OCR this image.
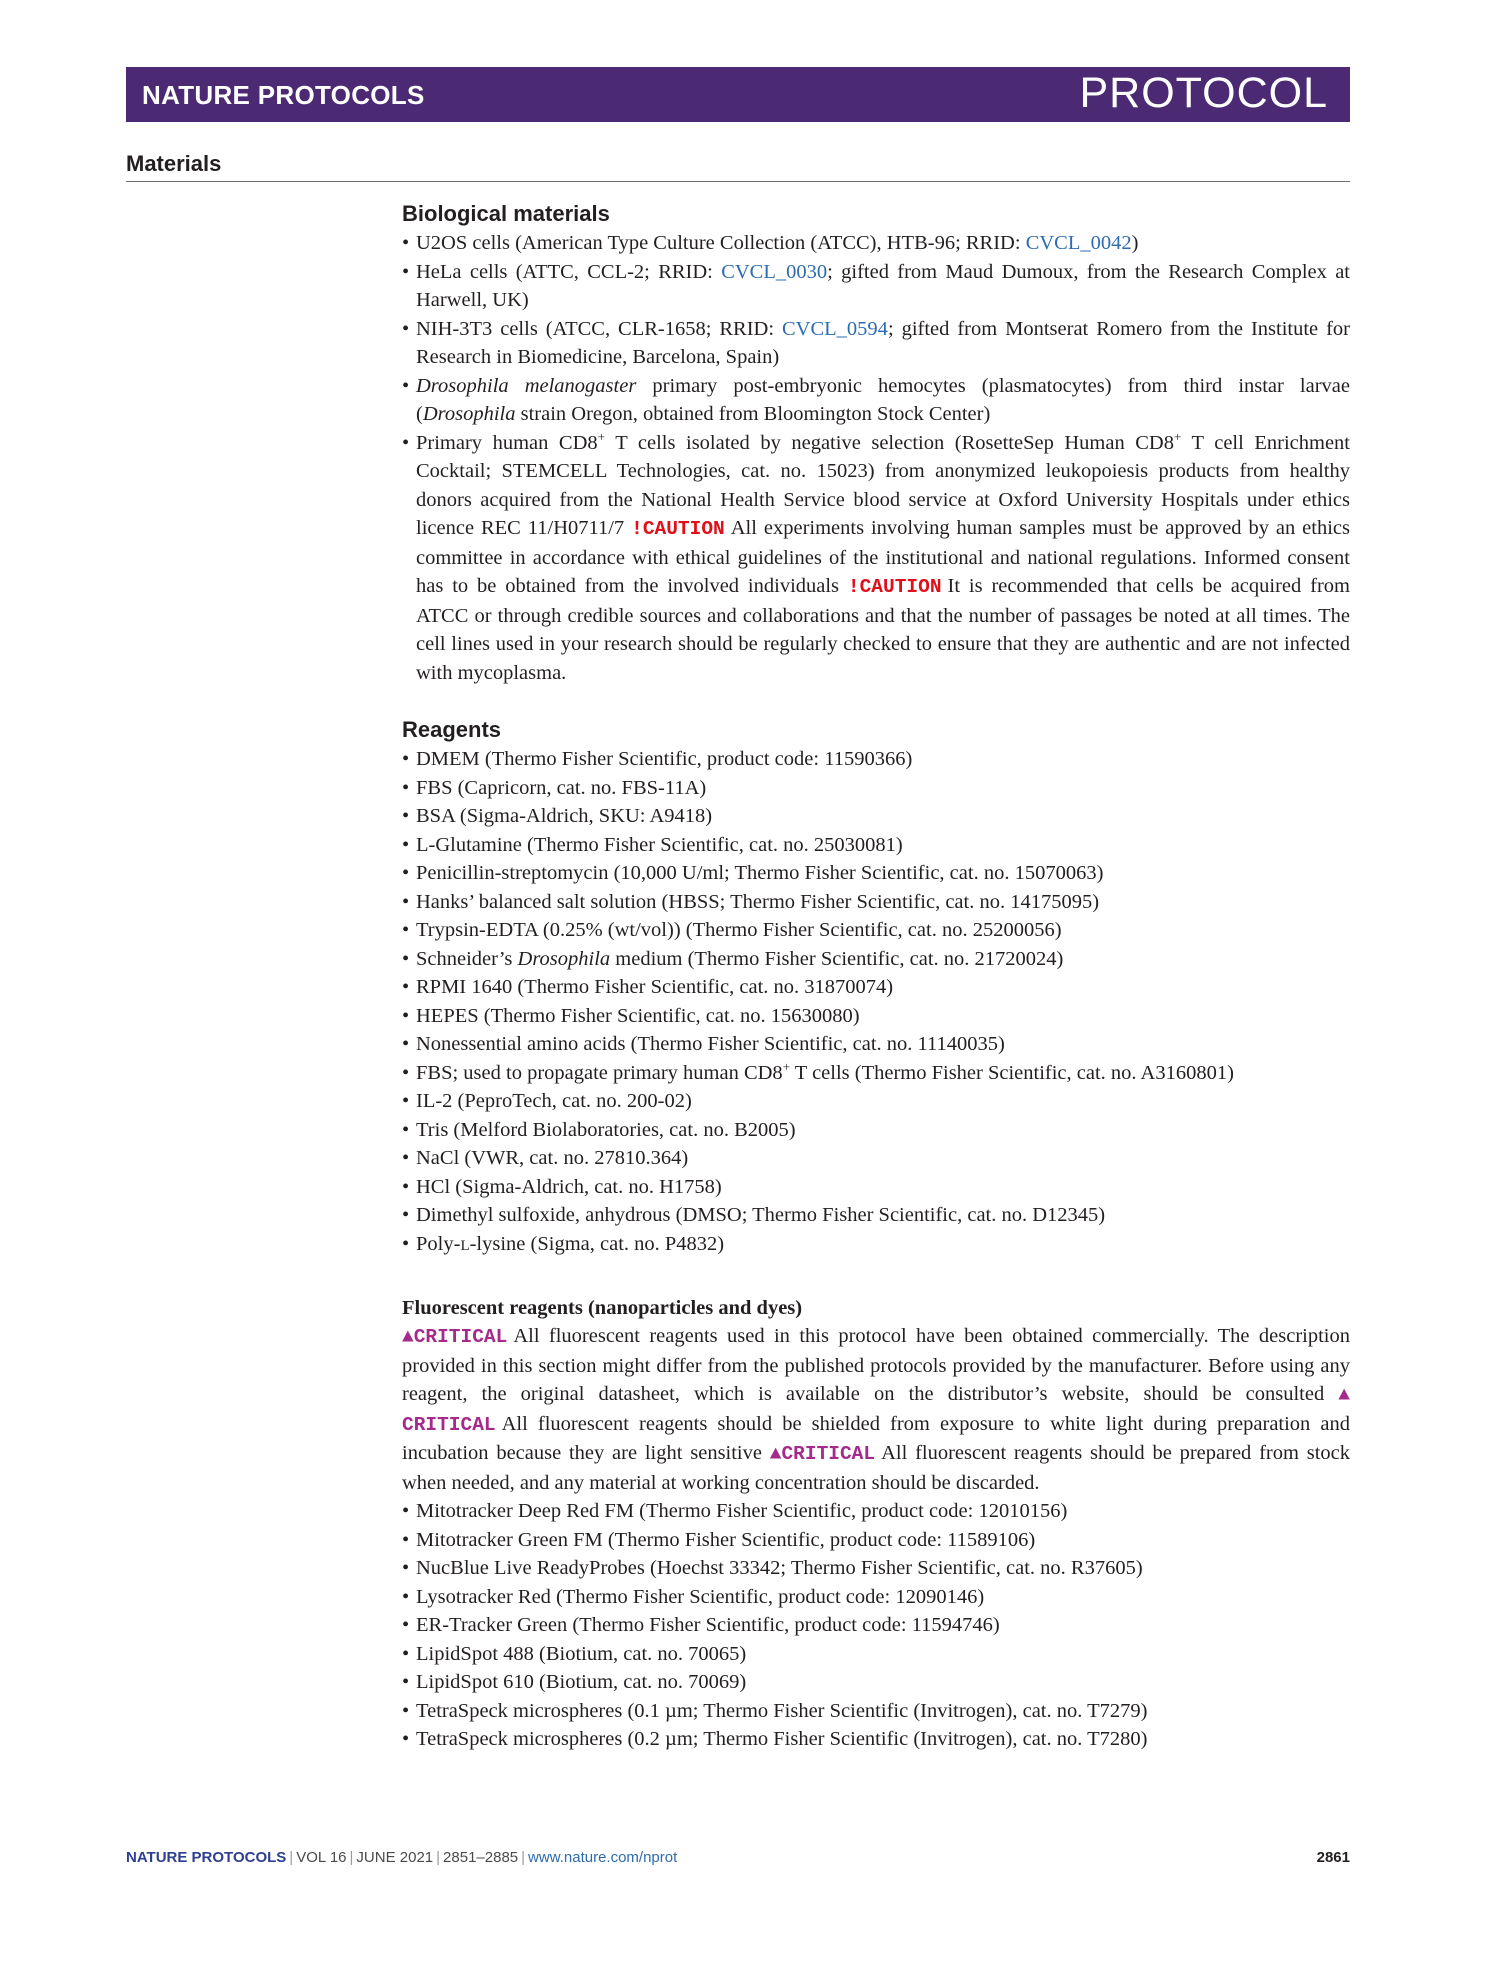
NATURE PROTOCOLS	PROTOCOL
Materials
Biological materials
• U2OS cells (American Type Culture Collection (ATCC), HTB-96; RRID: CVCL_0042)
• HeLa cells (ATTC, CCL-2; RRID: CVCL_0030; gifted from Maud Dumoux, from the Research Complex at Harwell, UK)
• NIH-3T3 cells (ATCC, CLR-1658; RRID: CVCL_0594; gifted from Montserat Romero from the Institute for Research in Biomedicine, Barcelona, Spain)
• Drosophila melanogaster primary post-embryonic hemocytes (plasmatocytes) from third instar larvae (Drosophila strain Oregon, obtained from Bloomington Stock Center)
• Primary human CD8+ T cells isolated by negative selection (RosetteSep Human CD8+ T cell Enrichment Cocktail; STEMCELL Technologies, cat. no. 15023) from anonymized leukopoiesis products from healthy donors acquired from the National Health Service blood service at Oxford University Hospitals under ethics licence REC 11/H0711/7 !CAUTION All experiments involving human samples must be approved by an ethics committee in accordance with ethical guidelines of the institutional and national regulations. Informed consent has to be obtained from the involved individuals !CAUTION It is recommended that cells be acquired from ATCC or through credible sources and collaborations and that the number of passages be noted at all times. The cell lines used in your research should be regularly checked to ensure that they are authentic and are not infected with mycoplasma.
Reagents
• DMEM (Thermo Fisher Scientific, product code: 11590366)
• FBS (Capricorn, cat. no. FBS-11A)
• BSA (Sigma-Aldrich, SKU: A9418)
• L-Glutamine (Thermo Fisher Scientific, cat. no. 25030081)
• Penicillin-streptomycin (10,000 U/ml; Thermo Fisher Scientific, cat. no. 15070063)
• Hanks’ balanced salt solution (HBSS; Thermo Fisher Scientific, cat. no. 14175095)
• Trypsin-EDTA (0.25% (wt/vol)) (Thermo Fisher Scientific, cat. no. 25200056)
• Schneider’s Drosophila medium (Thermo Fisher Scientific, cat. no. 21720024)
• RPMI 1640 (Thermo Fisher Scientific, cat. no. 31870074)
• HEPES (Thermo Fisher Scientific, cat. no. 15630080)
• Nonessential amino acids (Thermo Fisher Scientific, cat. no. 11140035)
• FBS; used to propagate primary human CD8+ T cells (Thermo Fisher Scientific, cat. no. A3160801)
• IL-2 (PeproTech, cat. no. 200-02)
• Tris (Melford Biolaboratories, cat. no. B2005)
• NaCl (VWR, cat. no. 27810.364)
• HCl (Sigma-Aldrich, cat. no. H1758)
• Dimethyl sulfoxide, anhydrous (DMSO; Thermo Fisher Scientific, cat. no. D12345)
• Poly-L-lysine (Sigma, cat. no. P4832)
Fluorescent reagents (nanoparticles and dyes)
▲CRITICAL All fluorescent reagents used in this protocol have been obtained commercially. The description provided in this section might differ from the published protocols provided by the manufacturer. Before using any reagent, the original datasheet, which is available on the distributor’s website, should be consulted ▲CRITICAL All fluorescent reagents should be shielded from exposure to white light during preparation and incubation because they are light sensitive ▲CRITICAL All fluorescent reagents should be prepared from stock when needed, and any material at working concentration should be discarded.
• Mitotracker Deep Red FM (Thermo Fisher Scientific, product code: 12010156)
• Mitotracker Green FM (Thermo Fisher Scientific, product code: 11589106)
• NucBlue Live ReadyProbes (Hoechst 33342; Thermo Fisher Scientific, cat. no. R37605)
• Lysotracker Red (Thermo Fisher Scientific, product code: 12090146)
• ER-Tracker Green (Thermo Fisher Scientific, product code: 11594746)
• LipidSpot 488 (Biotium, cat. no. 70065)
• LipidSpot 610 (Biotium, cat. no. 70069)
• TetraSpeck microspheres (0.1 µm; Thermo Fisher Scientific (Invitrogen), cat. no. T7279)
• TetraSpeck microspheres (0.2 µm; Thermo Fisher Scientific (Invitrogen), cat. no. T7280)
NATURE PROTOCOLS | VOL 16 | JUNE 2021 | 2851–2885 | www.nature.com/nprot	2861
